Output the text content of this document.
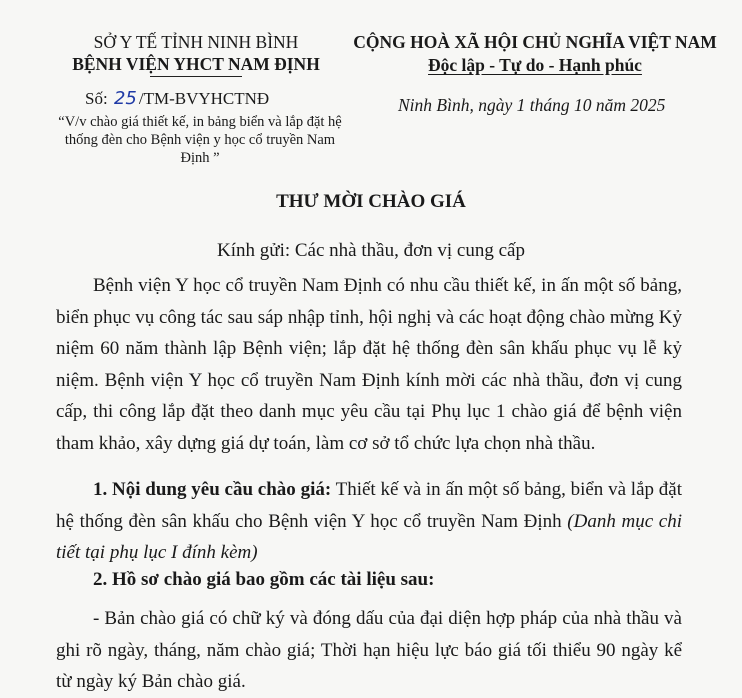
SỞ Y TẾ TỈNH NINH BÌNH
BỆNH VIỆN YHCT NAM ĐỊNH
Số: 25 /TM-BVYHCTNĐ
“V/v chào giá thiết kế, in bảng biển và lắp đặt hệ thống đèn cho Bệnh viện y học cổ truyền Nam Định ”
CỘNG HOÀ XÃ HỘI CHỦ NGHĨA VIỆT NAM
Độc lập - Tự do - Hạnh phúc
Ninh Bình, ngày 1 tháng 10 năm 2025
THƯ MỜI CHÀO GIÁ
Kính gửi: Các nhà thầu, đơn vị cung cấp
Bệnh viện Y học cổ truyền Nam Định có nhu cầu thiết kế, in ấn một số bảng, biển phục vụ công tác sau sáp nhập tỉnh, hội nghị và các hoạt động chào mừng Kỷ niệm 60 năm thành lập Bệnh viện; lắp đặt hệ thống đèn sân khấu phục vụ lễ kỷ niệm. Bệnh viện Y học cổ truyền Nam Định kính mời các nhà thầu, đơn vị cung cấp, thi công lắp đặt theo danh mục yêu cầu tại Phụ lục 1 chào giá để bệnh viện tham khảo, xây dựng giá dự toán, làm cơ sở tổ chức lựa chọn nhà thầu.
1. Nội dung yêu cầu chào giá: Thiết kế và in ấn một số bảng, biển và lắp đặt hệ thống đèn sân khấu cho Bệnh viện Y học cổ truyền Nam Định (Danh mục chi tiết tại phụ lục I đính kèm)
2. Hồ sơ chào giá bao gồm các tài liệu sau:
- Bản chào giá có chữ ký và đóng dấu của đại diện hợp pháp của nhà thầu và ghi rõ ngày, tháng, năm chào giá; Thời hạn hiệu lực báo giá tối thiểu 90 ngày kể từ ngày ký Bản chào giá.
